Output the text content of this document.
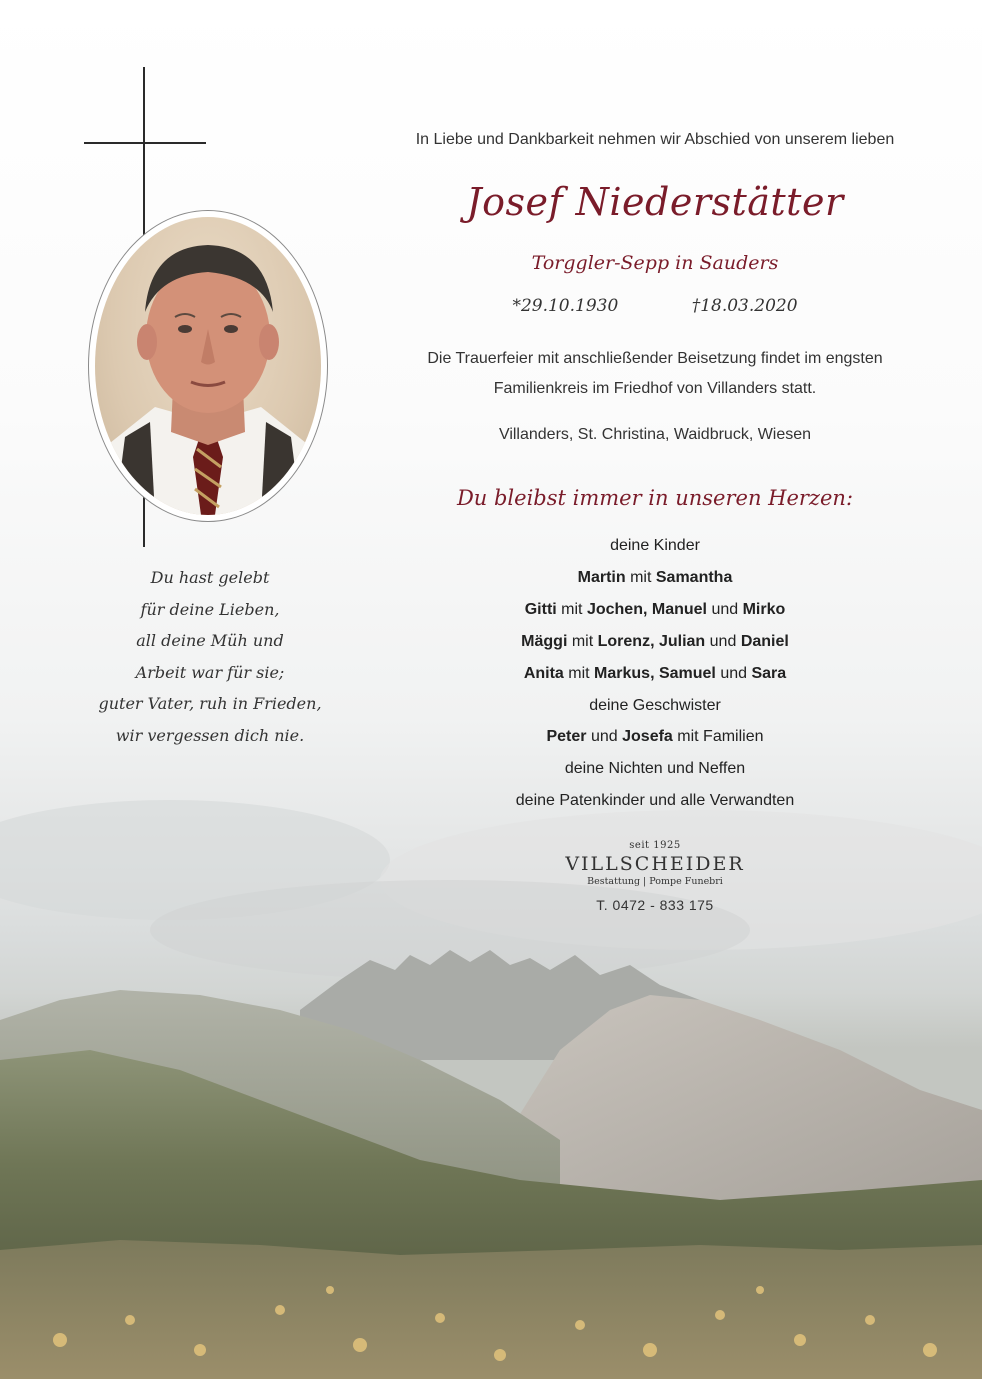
Du hast gelebt
für deine Lieben,
all deine Müh und
Arbeit war für sie;
guter Vater, ruh in Frieden,
wir vergessen dich nie.
In Liebe und Dankbarkeit nehmen wir Abschied von unserem lieben
Josef Niederstätter
Torggler-Sepp in Sauders
*29.10.1930	†18.03.2020
Die Trauerfeier mit anschließender Beisetzung findet im engsten
Familienkreis im Friedhof von Villanders statt.
Villanders, St. Christina, Waidbruck, Wiesen
Du bleibst immer in unseren Herzen:
deine Kinder
Martin mit Samantha
Gitti mit Jochen, Manuel und Mirko
Mäggi mit Lorenz, Julian und Daniel
Anita mit Markus, Samuel und Sara
deine Geschwister
Peter und Josefa mit Familien
deine Nichten und Neffen
deine Patenkinder und alle Verwandten
seit 1925
VILLSCHEIDER
Bestattung | Pompe Funebri
T. 0472 - 833 175
